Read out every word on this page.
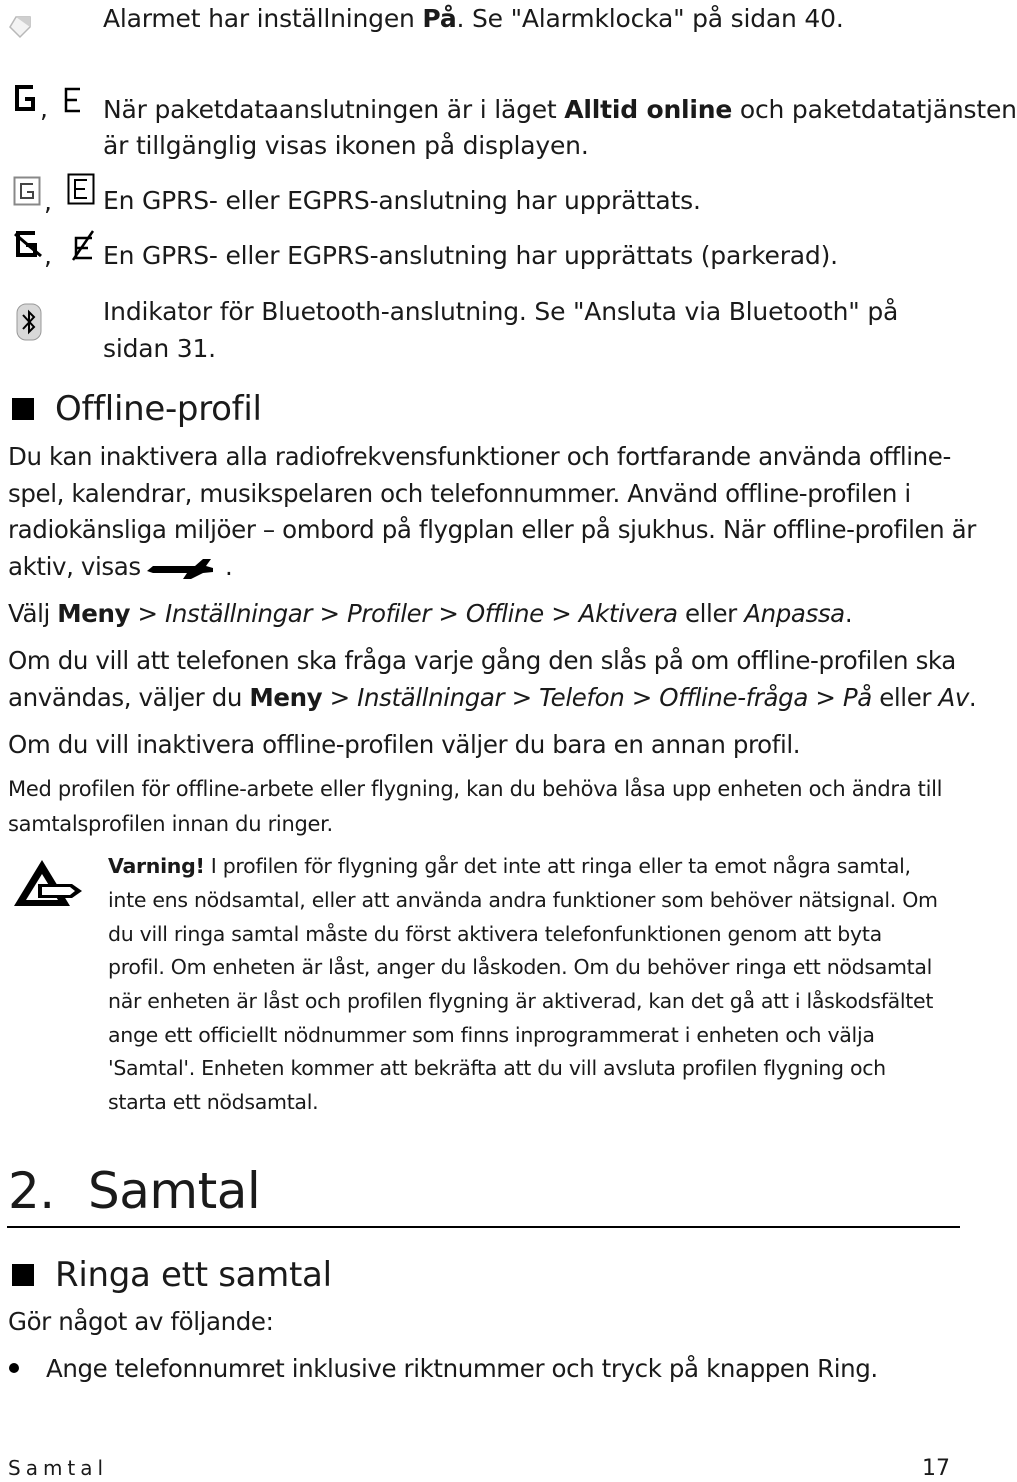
Alarmet har inställningen På. Se "Alarmklocka" på sidan 40.
, När paketdataanslutningen är i läget Alltid online och paketdatatjänsten
är tillgänglig visas ikonen på displayen.
, En GPRS- eller EGPRS-anslutning har upprättats.
, En GPRS- eller EGPRS-anslutning har upprättats (parkerad).
Indikator för Bluetooth-anslutning. Se "Ansluta via Bluetooth" på
sidan 31.
Offline-profil
Du kan inaktivera alla radiofrekvensfunktioner och fortfarande använda offline-
spel, kalendrar, musikspelaren och telefonnummer. Använd offline-profilen i
radiokänsliga miljöer – ombord på flygplan eller på sjukhus. När offline-profilen är
aktiv, visas	.
Välj Meny > Inställningar > Profiler > Offline > Aktivera eller Anpassa.
Om du vill att telefonen ska fråga varje gång den slås på om offline-profilen ska
användas, väljer du Meny > Inställningar > Telefon > Offline-fråga > På eller Av.
Om du vill inaktivera offline-profilen väljer du bara en annan profil.
Med profilen för offline-arbete eller flygning, kan du behöva låsa upp enheten och ändra till
samtalsprofilen innan du ringer.
Varning! I profilen för flygning går det inte att ringa eller ta emot några samtal,
inte ens nödsamtal, eller att använda andra funktioner som behöver nätsignal. Om
du vill ringa samtal måste du först aktivera telefonfunktionen genom att byta
profil. Om enheten är låst, anger du låskoden. Om du behöver ringa ett nödsamtal
när enheten är låst och profilen flygning är aktiverad, kan det gå att i låskodsfältet
ange ett officiellt nödnummer som finns inprogrammerat i enheten och välja
'Samtal'. Enheten kommer att bekräfta att du vill avsluta profilen flygning och
starta ett nödsamtal.
2. Samtal
Ringa ett samtal
Gör något av följande:
Ange telefonnumret inklusive riktnummer och tryck på knappen Ring.
Samtal	17
